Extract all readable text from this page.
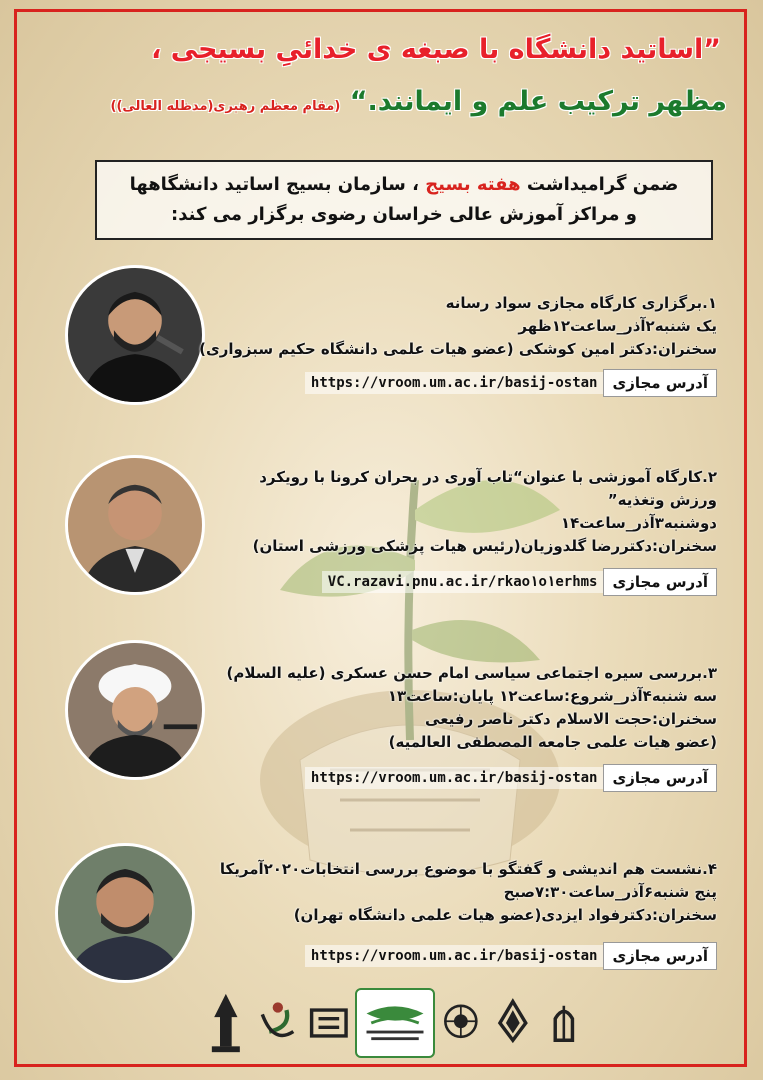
”اساتید دانشگاه با صبغه ی خدائیِ بسیجی ،
مظهر ترکیب علم و ایمانند.“ (مقام معظم رهبری(مدظله العالی))
ضمن گرامیداشت هفته بسیج ، سازمان بسیج اساتید دانشگاهها
و مراکز آموزش عالی خراسان رضوی برگزار می کند:
۱.برگزاری کارگاه مجازی سواد رسانه
یک شنبه۲آذر_ساعت۱۲ظهر
سخنران:دکتر امین کوشکی (عضو هیات علمی دانشگاه حکیم سبزواری)
آدرس مجازی
https://vroom.um.ac.ir/basij-ostan
۲.کارگاه آموزشی با عنوان“تاب آوری در بحران کرونا با رویکرد
ورزش وتغذیه”
دوشنبه۳آذر_ساعت۱۴
سخنران:دکتررضا گلدوزیان(رئیس هیات پزشکی ورزشی استان)
آدرس مجازی
VC.razavi.pnu.ac.ir/rkao۱o۱erhms
۳.بررسی سیره اجتماعی سیاسی امام حسن عسکری (علیه السلام)
سه شنبه۴آذر_شروع:ساعت۱۲ پایان:ساعت۱۳
سخنران:حجت الاسلام دکتر ناصر رفیعی
(عضو هیات علمی جامعه المصطفی العالمیه)
آدرس مجازی
https://vroom.um.ac.ir/basij-ostan
۴.نشست هم اندیشی و گفتگو با موضوع بررسی انتخابات۲۰۲۰آمریکا
پنج شنبه۶آذر_ساعت۷:۳۰صبح
سخنران:دکترفواد ایزدی(عضو هیات علمی دانشگاه تهران)
آدرس مجازی
https://vroom.um.ac.ir/basij-ostan
